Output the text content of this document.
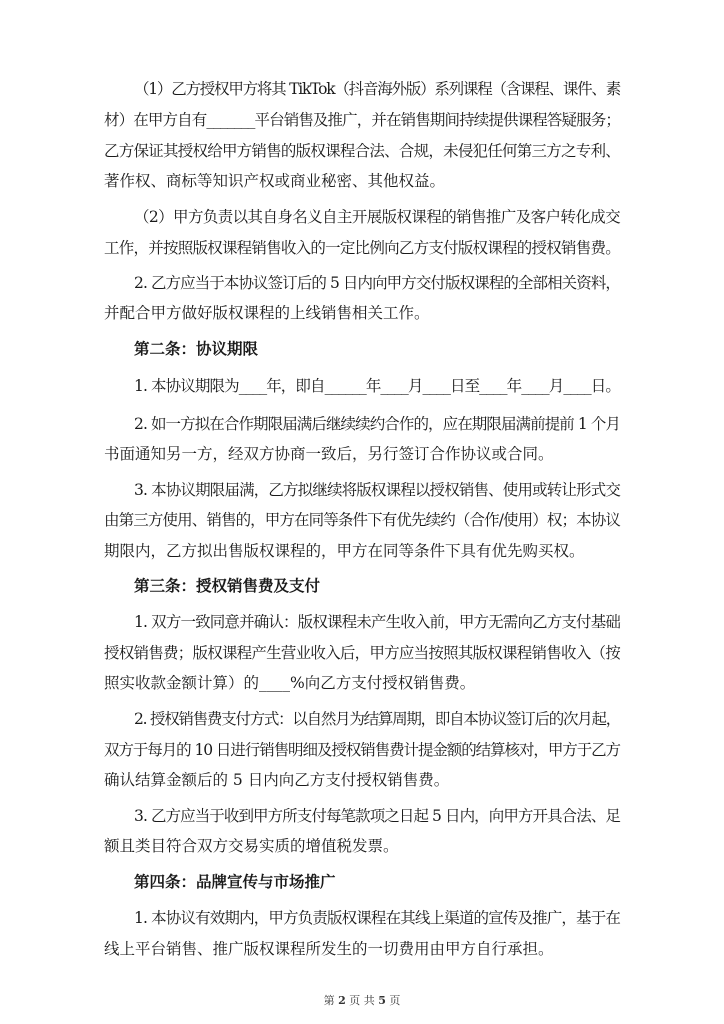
（1）乙方授权甲方将其 TikTok（抖音海外版）系列课程（含课程、课件、素
材）在甲方自有_______平台销售及推广，并在销售期间持续提供课程答疑服务；
乙方保证其授权给甲方销售的版权课程合法、合规，未侵犯任何第三方之专利、
著作权、商标等知识产权或商业秘密、其他权益。
（2）甲方负责以其自身名义自主开展版权课程的销售推广及客户转化成交
工作，并按照版权课程销售收入的一定比例向乙方支付版权课程的授权销售费。
2. 乙方应当于本协议签订后的 5 日内向甲方交付版权课程的全部相关资料，
并配合甲方做好版权课程的上线销售相关工作。
第二条：协议期限
1. 本协议期限为____年，即自______年____月____日至____年____月____日。
2. 如一方拟在合作期限届满后继续续约合作的，应在期限届满前提前 1 个月
书面通知另一方，经双方协商一致后，另行签订合作协议或合同。
3. 本协议期限届满，乙方拟继续将版权课程以授权销售、使用或转让形式交
由第三方使用、销售的，甲方在同等条件下有优先续约（合作/使用）权；本协议
期限内，乙方拟出售版权课程的，甲方在同等条件下具有优先购买权。
第三条：授权销售费及支付
1. 双方一致同意并确认：版权课程未产生收入前，甲方无需向乙方支付基础
授权销售费；版权课程产生营业收入后，甲方应当按照其版权课程销售收入（按
照实收款金额计算）的____%向乙方支付授权销售费。
2. 授权销售费支付方式：以自然月为结算周期，即自本协议签订后的次月起，
双方于每月的 10 日进行销售明细及授权销售费计提金额的结算核对，甲方于乙方
确认结算金额后的 5 日内向乙方支付授权销售费。
3. 乙方应当于收到甲方所支付每笔款项之日起 5 日内，向甲方开具合法、足
额且类目符合双方交易实质的增值税发票。
第四条：品牌宣传与市场推广
1. 本协议有效期内，甲方负责版权课程在其线上渠道的宣传及推广，基于在
线上平台销售、推广版权课程所发生的一切费用由甲方自行承担。
第 2 页 共 5 页
